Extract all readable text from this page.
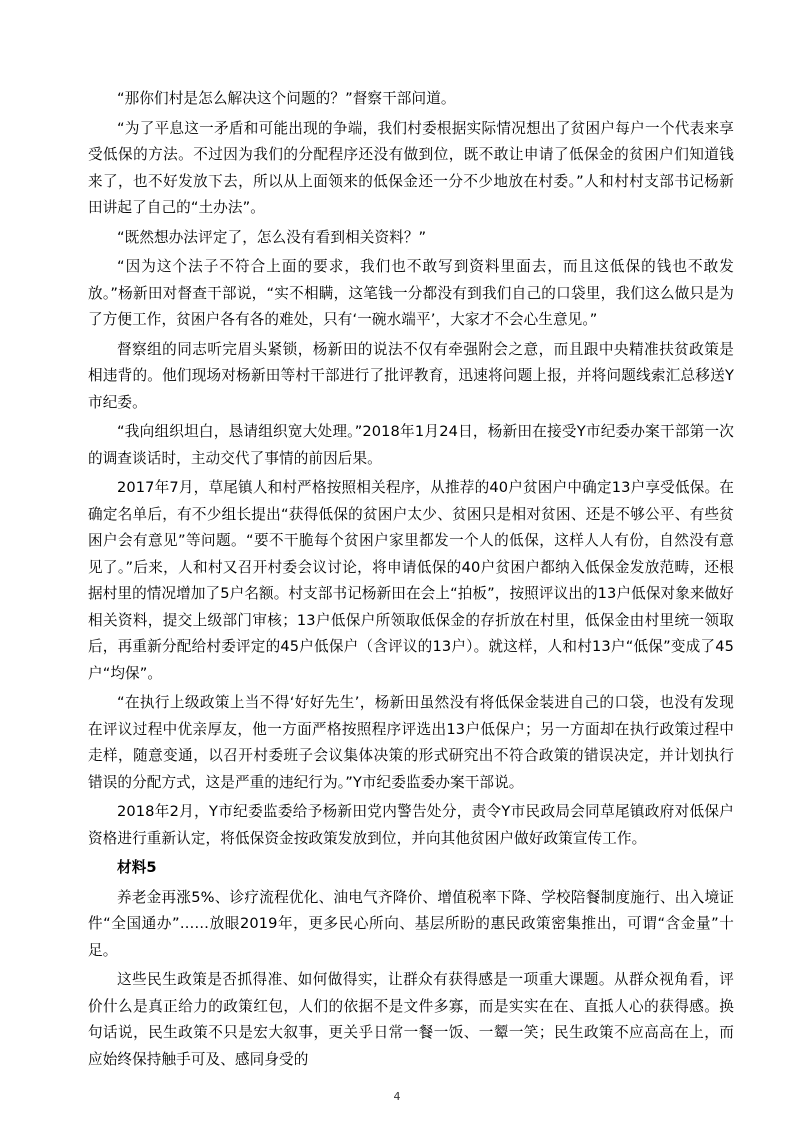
“那你们村是怎么解决这个问题的？”督察干部问道。

“为了平息这一矛盾和可能出现的争端，我们村委根据实际情况想出了贫困户每户一个代表来享受低保的方法。不过因为我们的分配程序还没有做到位，既不敢让申请了低保金的贫困户们知道钱来了，也不好发放下去，所以从上面领来的低保金还一分不少地放在村委。”人和村村支部书记杨新田讲起了自己的“土办法”。

“既然想办法评定了，怎么没有看到相关资料？”

“因为这个法子不符合上面的要求，我们也不敢写到资料里面去，而且这低保的钱也不敢发放。”杨新田对督查干部说，“实不相瞒，这笔钱一分都没有到我们自己的口袋里，我们这么做只是为了方便工作，贫困户各有各的难处，只有‘一碗水端平’，大家才不会心生意见。”

督察组的同志听完眉头紧锁，杨新田的说法不仅有牵强附会之意，而且跟中央精准扶贫政策是相违背的。他们现场对杨新田等村干部进行了批评教育，迅速将问题上报，并将问题线索汇总移送Y市纪委。

“我向组织坦白，恳请组织宽大处理。”2018年1月24日，杨新田在接受Y市纪委办案干部第一次的调查谈话时，主动交代了事情的前因后果。

2017年7月，草尾镇人和村严格按照相关程序，从推荐的40户贫困户中确定13户享受低保。在确定名单后，有不少组长提出“获得低保的贫困户太少、贫困只是相对贫困、还是不够公平、有些贫困户会有意见”等问题。“要不干脆每个贫困户家里都发一个人的低保，这样人人有份，自然没有意见了。”后来，人和村又召开村委会议讨论，将申请低保的40户贫困户都纳入低保金发放范畴，还根据村里的情况增加了5户名额。村支部书记杨新田在会上“拍板”，按照评议出的13户低保对象来做好相关资料，提交上级部门审核；13户低保户所领取低保金的存折放在村里，低保金由村里统一领取后，再重新分配给村委评定的45户低保户（含评议的13户）。就这样，人和村13户“低保”变成了45户“均保”。

“在执行上级政策上当不得‘好好先生’，杨新田虽然没有将低保金装进自己的口袋，也没有发现在评议过程中优亲厚友，他一方面严格按照程序评选出13户低保户；另一方面却在执行政策过程中走样，随意变通，以召开村委班子会议集体决策的形式研究出不符合政策的错误决定，并计划执行错误的分配方式，这是严重的违纪行为。”Y市纪委监委办案干部说。

2018年2月，Y市纪委监委给予杨新田党内警告处分，责令Y市民政局会同草尾镇政府对低保户资格进行重新认定，将低保资金按政策发放到位，并向其他贫困户做好政策宣传工作。

材料5

养老金再涨5%、诊疗流程优化、油电气齐降价、增值税率下降、学校陪餐制度施行、出入境证件“全国通办”……放眼2019年，更多民心所向、基层所盼的惠民政策密集推出，可谓“含金量”十足。

这些民生政策是否抓得准、如何做得实，让群众有获得感是一项重大课题。从群众视角看，评价什么是真正给力的政策红包，人们的依据不是文件多寡，而是实实在在、直抵人心的获得感。换句话说，民生政策不只是宏大叙事，更关乎日常一餐一饭、一颦一笑；民生政策不应高高在上，而应始终保持触手可及、感同身受的

4
